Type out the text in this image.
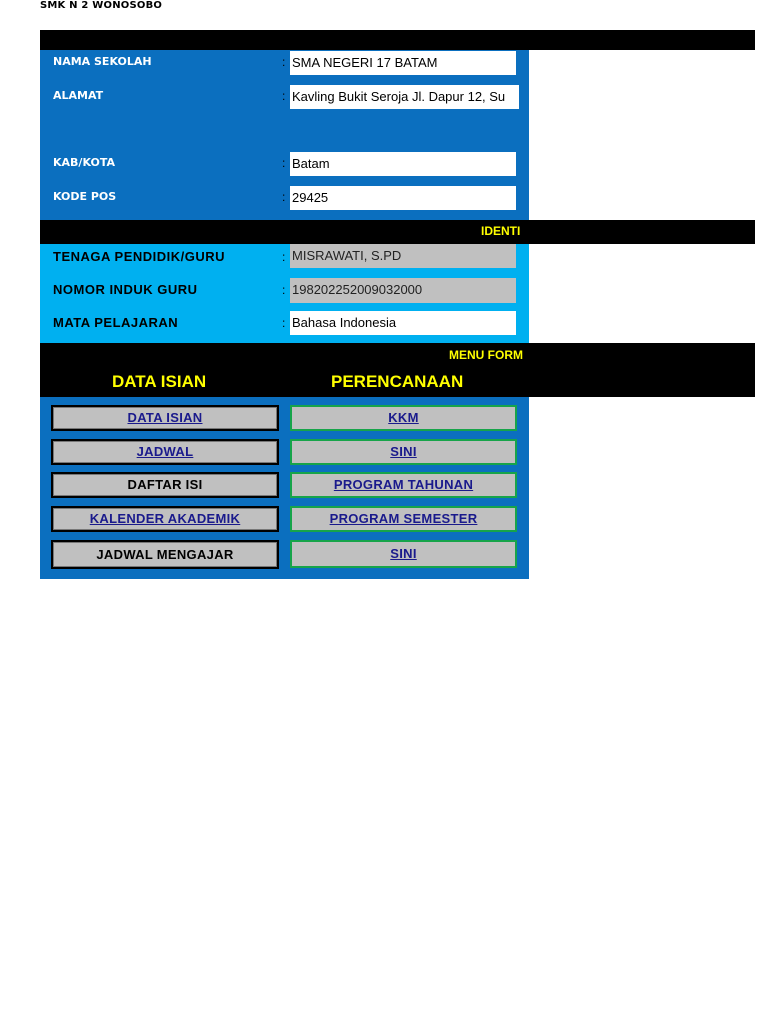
SMK N 2 WONOSOBO
NAMA SEKOLAH	: SMA NEGERI 17 BATAM
ALAMAT	: Kavling Bukit Seroja Jl. Dapur 12, Su
KAB/KOTA	: Batam
KODE POS	: 29425
IDENTI
TENAGA PENDIDIK/GURU	: MISRAWATI, S.PD
NOMOR INDUK GURU	: 198202252009032000
MATA PELAJARAN	: Bahasa Indonesia
MENU FORM
DATA ISIAN	PERENCANAAN
DATA ISIAN
JADWAL
DAFTAR ISI
KALENDER AKADEMIK
JADWAL MENGAJAR
KKM
SINI
PROGRAM TAHUNAN
PROGRAM SEMESTER
SINI
